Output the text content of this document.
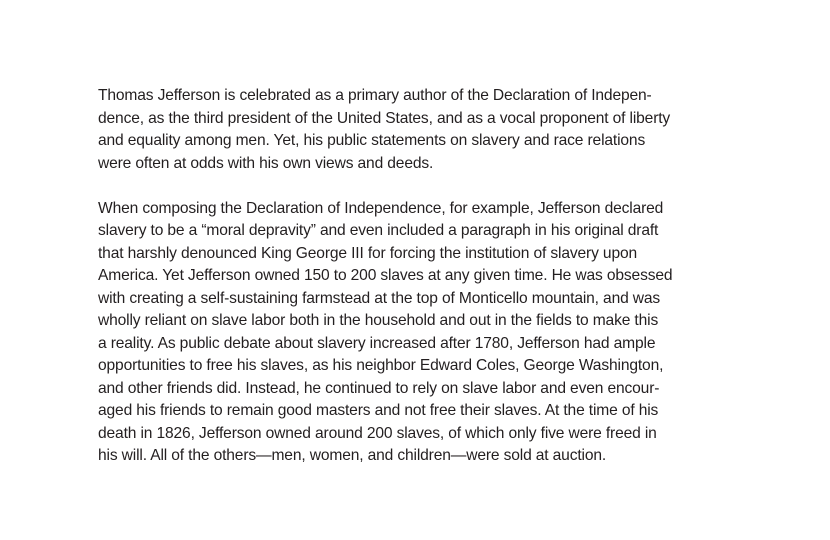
Thomas Jefferson is celebrated as a primary author of the Declaration of Indepen-
dence, as the third president of the United States, and as a vocal proponent of liberty
and equality among men. Yet, his public statements on slavery and race relations
were often at odds with his own views and deeds.
When composing the Declaration of Independence, for example, Jefferson declared
slavery to be a “moral depravity” and even included a paragraph in his original draft
that harshly denounced King George III for forcing the institution of slavery upon
America. Yet Jefferson owned 150 to 200 slaves at any given time. He was obsessed
with creating a self-sustaining farmstead at the top of Monticello mountain, and was
wholly reliant on slave labor both in the household and out in the fields to make this
a reality. As public debate about slavery increased after 1780, Jefferson had ample
opportunities to free his slaves, as his neighbor Edward Coles, George Washington,
and other friends did. Instead, he continued to rely on slave labor and even encour-
aged his friends to remain good masters and not free their slaves. At the time of his
death in 1826, Jefferson owned around 200 slaves, of which only five were freed in
his will. All of the others—men, women, and children—were sold at auction.
